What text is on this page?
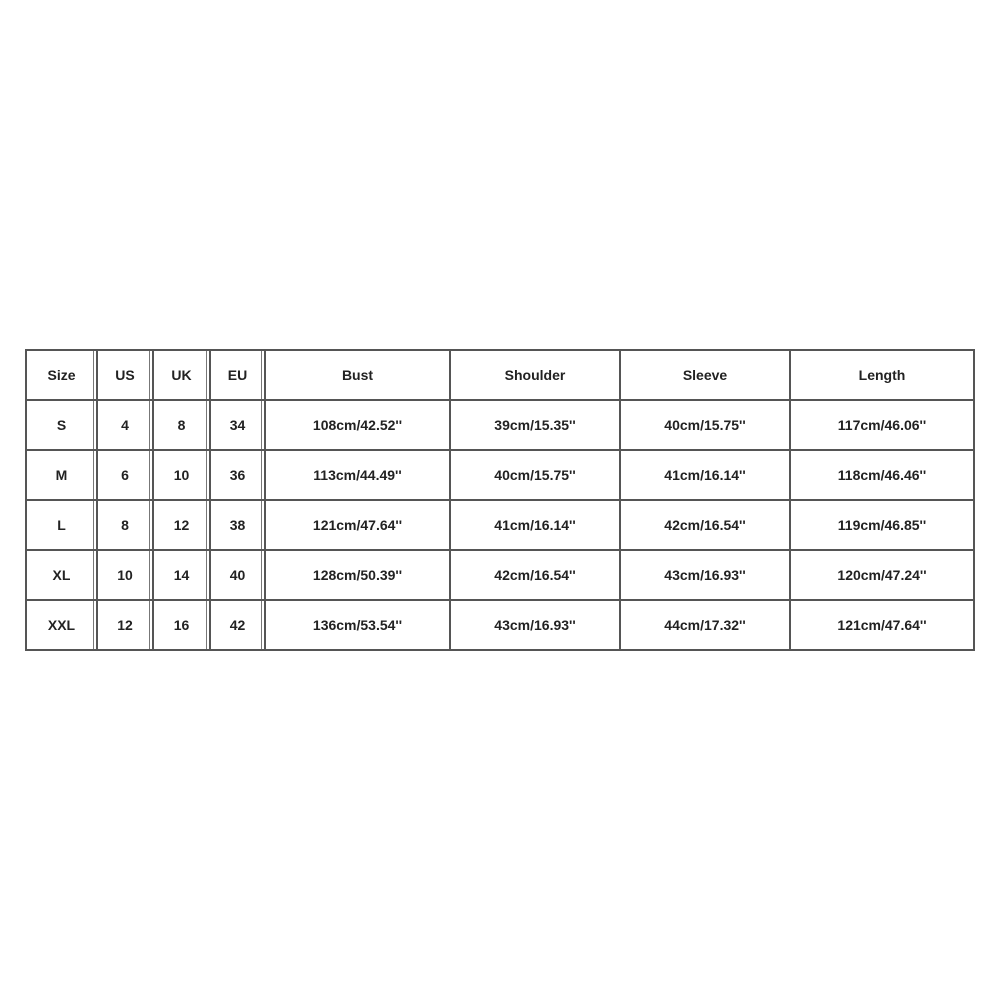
Size	US	UK	EU	Bust	Shoulder	Sleeve	Length
S	4	8	34	108cm/42.52''	39cm/15.35''	40cm/15.75''	117cm/46.06''
M	6	10	36	113cm/44.49''	40cm/15.75''	41cm/16.14''	118cm/46.46''
L	8	12	38	121cm/47.64''	41cm/16.14''	42cm/16.54''	119cm/46.85''
XL	10	14	40	128cm/50.39''	42cm/16.54''	43cm/16.93''	120cm/47.24''
XXL	12	16	42	136cm/53.54''	43cm/16.93''	44cm/17.32''	121cm/47.64''
